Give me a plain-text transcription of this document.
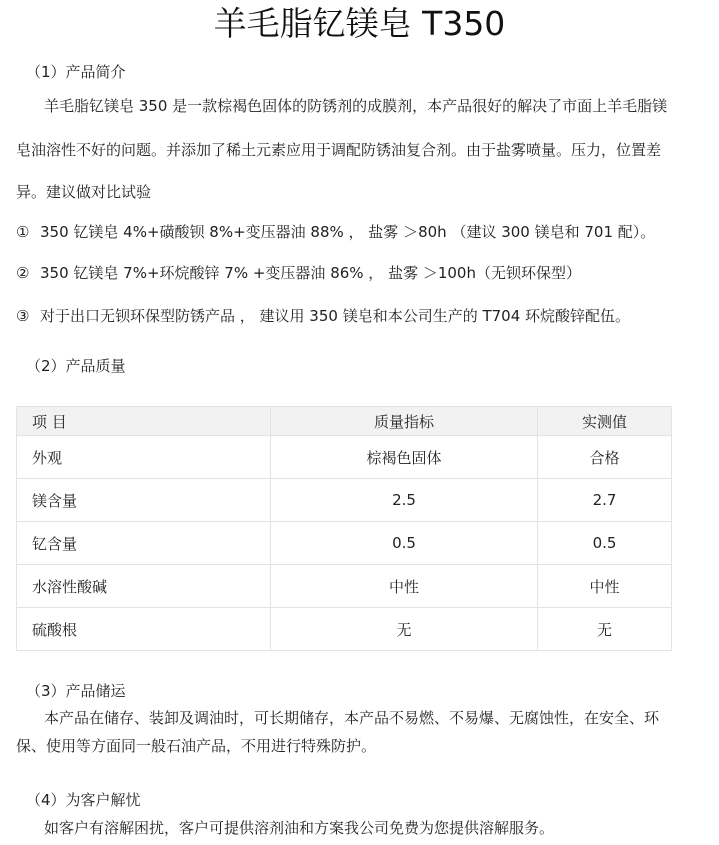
羊毛脂钇镁皂 T350
（1）产品简介
羊毛脂钇镁皂 350 是一款棕褐色固体的防锈剂的成膜剂，本产品很好的解决了市面上羊毛脂镁
皂油溶性不好的问题。并添加了稀土元素应用于调配防锈油复合剂。由于盐雾喷量。压力，位置差
异。建议做对比试验
① 350 钇镁皂 4%+磺酸钡 8%+变压器油 88% ， 盐雾 ＞80h （建议 300 镁皂和 701 配）。
② 350 钇镁皂 7%+环烷酸锌 7% +变压器油 86% ， 盐雾 ＞100h（无钡环保型）
③ 对于出口无钡环保型防锈产品 ， 建议用 350 镁皂和本公司生产的 T704 环烷酸锌配伍。
（2）产品质量
项 目	质量指标	实测值
外观	棕褐色固体	合格
镁含量	2.5	2.7
钇含量	0.5	0.5
水溶性酸碱	中性	中性
硫酸根	无	无
（3）产品储运
本产品在储存、装卸及调油时，可长期储存，本产品不易燃、不易爆、无腐蚀性，在安全、环
保、使用等方面同一般石油产品，不用进行特殊防护。
（4）为客户解忧
如客户有溶解困扰，客户可提供溶剂油和方案我公司免费为您提供溶解服务。
